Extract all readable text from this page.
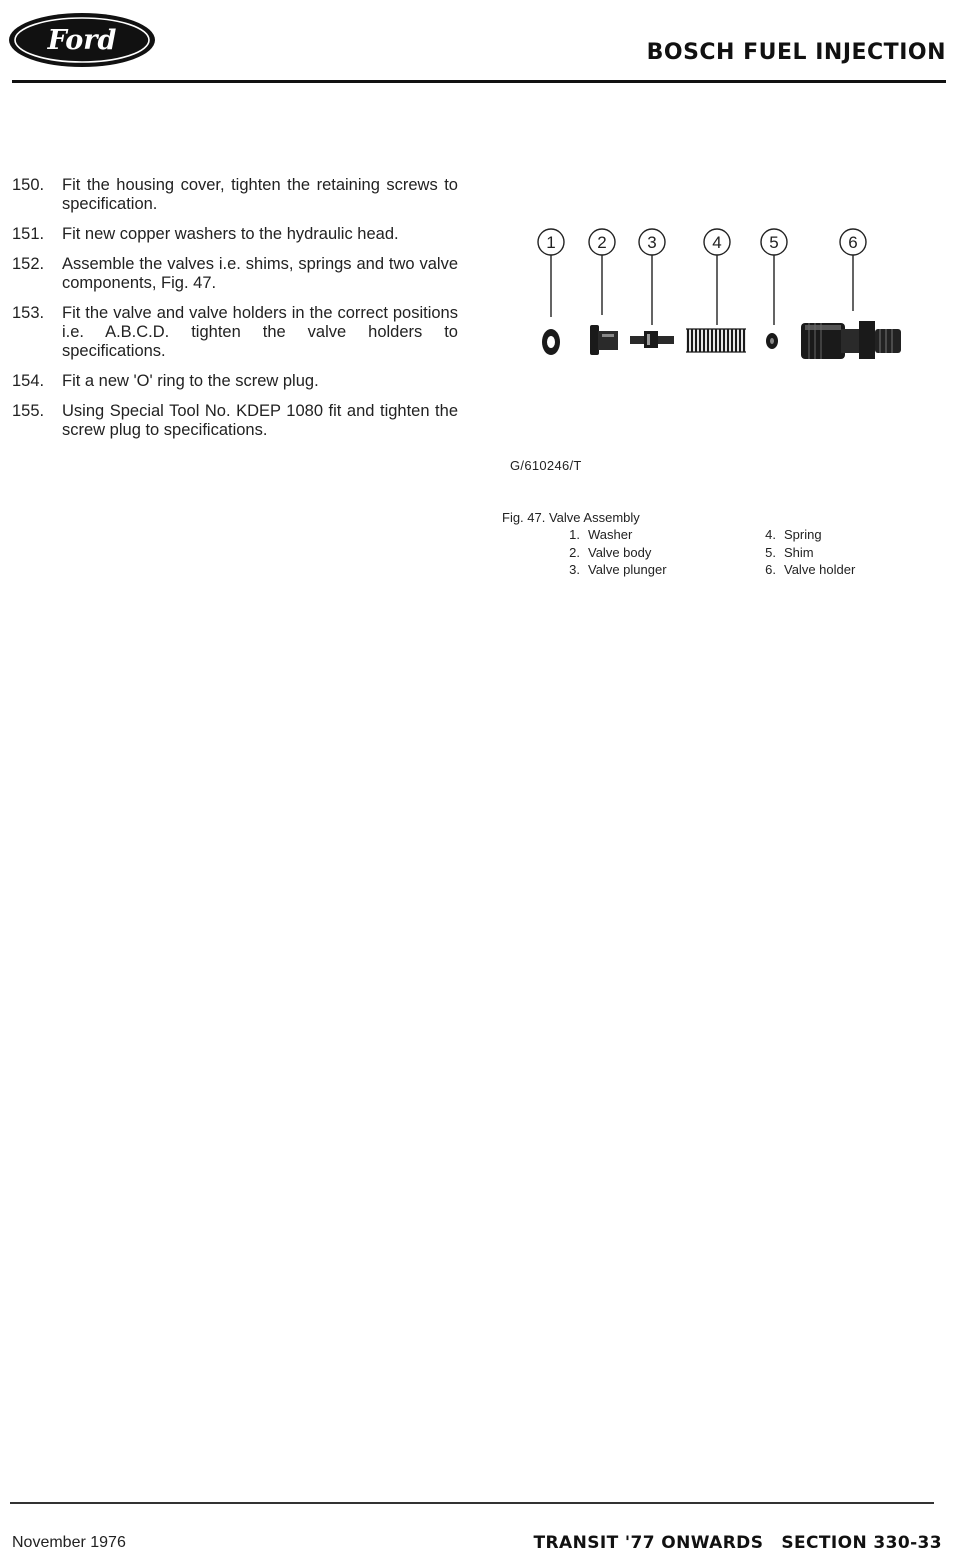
Ford	BOSCH FUEL INJECTION
150.	Fit the housing cover, tighten the retaining screws to specification.
151.	Fit new copper washers to the hydraulic head.
152.	Assemble the valves i.e. shims, springs and two valve components, Fig. 47.
153.	Fit the valve and valve holders in the correct positions i.e. A.B.C.D. tighten the valve holders to specifications.
154.	Fit a new 'O' ring to the screw plug.
155.	Using Special Tool No. KDEP 1080 fit and tighten the screw plug to specifications.
1 2 3	4	5	6
G/610246/T
Fig. 47. Valve Assembly
1. Washer
2. Valve body
3. Valve plunger
4. Spring
5. Shim
6. Valve holder
November 1976	TRANSIT '77 ONWARDS SECTION 330-33
